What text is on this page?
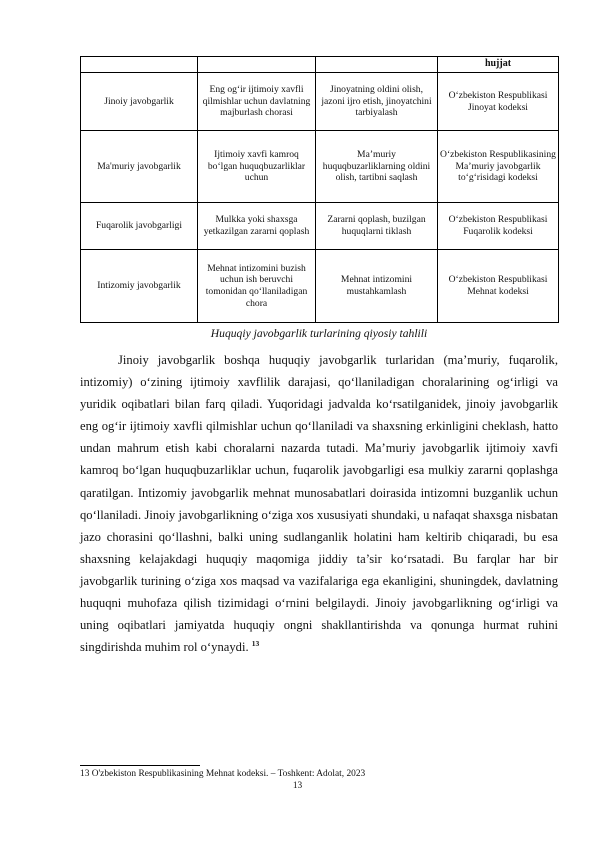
			hujjat
Jinoiy javobgarlik	Eng og‘ir ijtimoiy xavfli qilmishlar uchun davlatning majburlash chorasi	Jinoyatning oldini olish, jazoni ijro etish, jinoyatchini tarbiyalash	O‘zbekiston Respublikasi Jinoyat kodeksi
Ma'muriy javobgarlik	Ijtimoiy xavfi kamroq bo‘lgan huquqbuzarliklar uchun	Ma’muriy huquqbuzarliklarning oldini olish, tartibni saqlash	O‘zbekiston Respublikasining Ma’muriy javobgarlik to‘g‘risidagi kodeksi
Fuqarolik javobgarligi	Mulkka yoki shaxsga yetkazilgan zararni qoplash	Zararni qoplash, buzilgan huquqlarni tiklash	O‘zbekiston Respublikasi Fuqarolik kodeksi
Intizomiy javobgarlik	Mehnat intizomini buzish uchun ish beruvchi tomonidan qo‘llaniladigan chora	Mehnat intizomini mustahkamlash	O‘zbekiston Respublikasi Mehnat kodeksi
Huquqiy javobgarlik turlarining qiyosiy tahlili

Jinoiy javobgarlik boshqa huquqiy javobgarlik turlaridan (ma’muriy, fuqarolik, intizomiy) o‘zining ijtimoiy xavflilik darajasi, qo‘llaniladigan choralarining og‘irligi va yuridik oqibatlari bilan farq qiladi. Yuqoridagi jadvalda ko‘rsatilganidek, jinoiy javobgarlik eng og‘ir ijtimoiy xavfli qilmishlar uchun qo‘llaniladi va shaxsning erkinligini cheklash, hatto undan mahrum etish kabi choralarni nazarda tutadi. Ma’muriy javobgarlik ijtimoiy xavfi kamroq bo‘lgan huquqbuzarliklar uchun, fuqarolik javobgarligi esa mulkiy zararni qoplashga qaratilgan. Intizomiy javobgarlik mehnat munosabatlari doirasida intizomni buzganlik uchun qo‘llaniladi. Jinoiy javobgarlikning o‘ziga xos xususiyati shundaki, u nafaqat shaxsga nisbatan jazo chorasini qo‘llashni, balki uning sudlanganlik holatini ham keltirib chiqaradi, bu esa shaxsning kelajakdagi huquqiy maqomiga jiddiy ta’sir ko‘rsatadi. Bu farqlar har bir javobgarlik turining o‘ziga xos maqsad va vazifalariga ega ekanligini, shuningdek, davlatning huquqni muhofaza qilish tizimidagi o‘rnini belgilaydi. Jinoiy javobgarlikning og‘irligi va uning oqibatlari jamiyatda huquqiy ongni shakllantirishda va qonunga hurmat ruhini singdirishda muhim rol o‘ynaydi. $^{13}$

13 O'zbekiston Respublikasining Mehnat kodeksi. – Toshkent: Adolat, 2023
13
